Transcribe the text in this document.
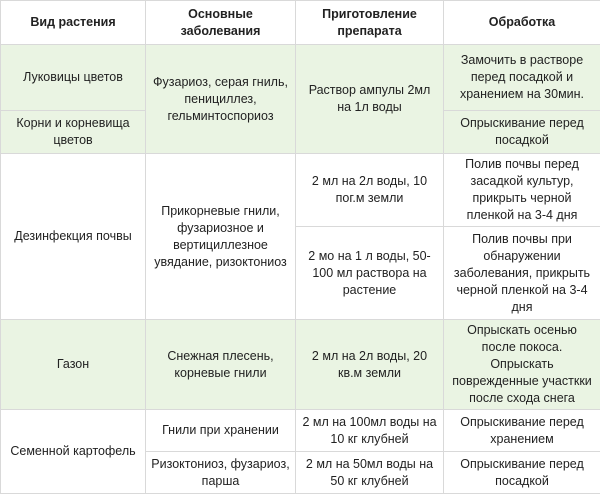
Вид растения	Основные заболевания	Приготовление препарата	Обработка
Луковицы цветов	Фузариоз, серая гниль, пенициллез, гельминтоспориоз	Раствор ампулы 2мл на 1л воды	Замочить в растворе перед посадкой и хранением на 30мин.
Корни и корневища цветов			Опрыскивание перед посадкой
Дезинфекция почвы	Прикорневые гнили, фузариозное и вертициллезное увядание, ризоктониоз	2 мл на 2л воды, 10 пог.м земли	Полив почвы перед засадкой культур, прикрыть черной пленкой на 3-4 дня
		2 мо на 1 л воды, 50-100 мл раствора на растение	Полив почвы при обнаружении заболевания, прикрыть черной пленкой на 3-4 дня
Газон	Снежная плесень, корневые гнили	2 мл на 2л воды, 20 кв.м земли	Опрыскать осенью после покоса. Опрыскать поврежденные участкки после схода снега
Семенной картофель	Гнили при хранении	2 мл на 100мл воды на 10 кг клубней	Опрыскивание перед хранением
	Ризоктониоз, фузариоз, парша	2 мл на 50мл воды на 50 кг клубней	Опрыскивание перед посадкой
